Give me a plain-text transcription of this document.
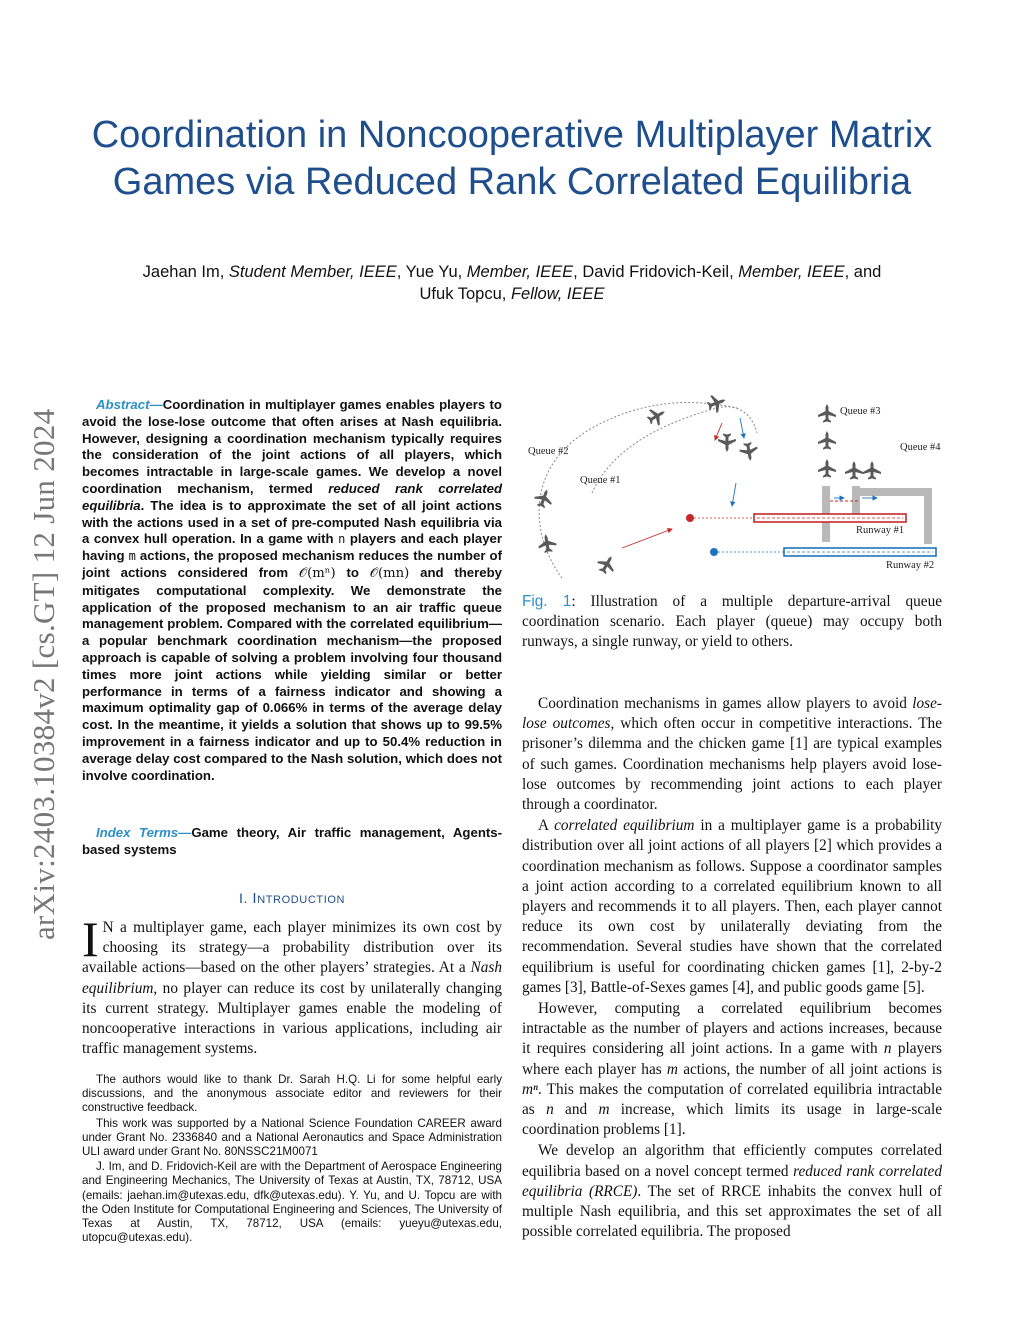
Coordination in Noncooperative Multiplayer Matrix Games via Reduced Rank Correlated Equilibria
Jaehan Im, Student Member, IEEE, Yue Yu, Member, IEEE, David Fridovich-Keil, Member, IEEE, and
Ufuk Topcu, Fellow, IEEE
arXiv:2403.10384v2 [cs.GT] 12 Jun 2024
Abstract—Coordination in multiplayer games enables players to avoid the lose-lose outcome that often arises at Nash equilibria. However, designing a coordination mechanism typically requires the consideration of the joint actions of all players, which becomes intractable in large-scale games. We develop a novel coordination mechanism, termed reduced rank correlated equilibria. The idea is to approximate the set of all joint actions with the actions used in a set of pre-computed Nash equilibria via a convex hull operation. In a game with n players and each player having m actions, the proposed mechanism reduces the number of joint actions considered from 𝒪(mⁿ) to 𝒪(mn) and thereby mitigates computational complexity. We demonstrate the application of the proposed mechanism to an air traffic queue management problem. Compared with the correlated equilibrium—a popular benchmark coordination mechanism—the proposed approach is capable of solving a problem involving four thousand times more joint actions while yielding similar or better performance in terms of a fairness indicator and showing a maximum optimality gap of 0.066% in terms of the average delay cost. In the meantime, it yields a solution that shows up to 99.5% improvement in a fairness indicator and up to 50.4% reduction in average delay cost compared to the Nash solution, which does not involve coordination.
Index Terms—Game theory, Air traffic management, Agents-based systems
I. Introduction
I N a multiplayer game, each player minimizes its own cost by choosing its strategy—a probability distribution over its available actions—based on the other players’ strategies. At a Nash equilibrium, no player can reduce its cost by unilaterally changing its current strategy. Multiplayer games enable the modeling of noncooperative interactions in various applications, including air traffic management systems.

The authors would like to thank Dr. Sarah H.Q. Li for some helpful early discussions, and the anonymous associate editor and reviewers for their constructive feedback.

This work was supported by a National Science Foundation CAREER award under Grant No. 2336840 and a National Aeronautics and Space Administration ULI award under Grant No. 80NSSC21M0071

J. Im, and D. Fridovich-Keil are with the Department of Aerospace Engineering and Engineering Mechanics, The University of Texas at Austin, TX, 78712, USA (emails: jaehan.im@utexas.edu, dfk@utexas.edu). Y. Yu, and U. Topcu are with the Oden Institute for Computational Engineering and Sciences, The University of Texas at Austin, TX, 78712, USA (emails: yueyu@utexas.edu, utopcu@utexas.edu).

Queue #2
Queue #1
Queue #3
Queue #4
Runway #1
Runway #2
Fig. 1: Illustration of a multiple departure-arrival queue coordination scenario. Each player (queue) may occupy both runways, a single runway, or yield to others.

Coordination mechanisms in games allow players to avoid lose-lose outcomes, which often occur in competitive interactions. The prisoner’s dilemma and the chicken game [1] are typical examples of such games. Coordination mechanisms help players avoid lose-lose outcomes by recommending joint actions to each player through a coordinator.

A correlated equilibrium in a multiplayer game is a probability distribution over all joint actions of all players [2] which provides a coordination mechanism as follows. Suppose a coordinator samples a joint action according to a correlated equilibrium known to all players and recommends it to all players. Then, each player cannot reduce its own cost by unilaterally deviating from the recommendation. Several studies have shown that the correlated equilibrium is useful for coordinating chicken games [1], 2-by-2 games [3], Battle-of-Sexes games [4], and public goods game [5].

However, computing a correlated equilibrium becomes intractable as the number of players and actions increases, because it requires considering all joint actions. In a game with n players where each player has m actions, the number of all joint actions is mⁿ. This makes the computation of correlated equilibria intractable as n and m increase, which limits its usage in large-scale coordination problems [1].

We develop an algorithm that efficiently computes correlated equilibria based on a novel concept termed reduced rank correlated equilibria (RRCE). The set of RRCE inhabits the convex hull of multiple Nash equilibria, and this set approximates the set of all possible correlated equilibria. The proposed
